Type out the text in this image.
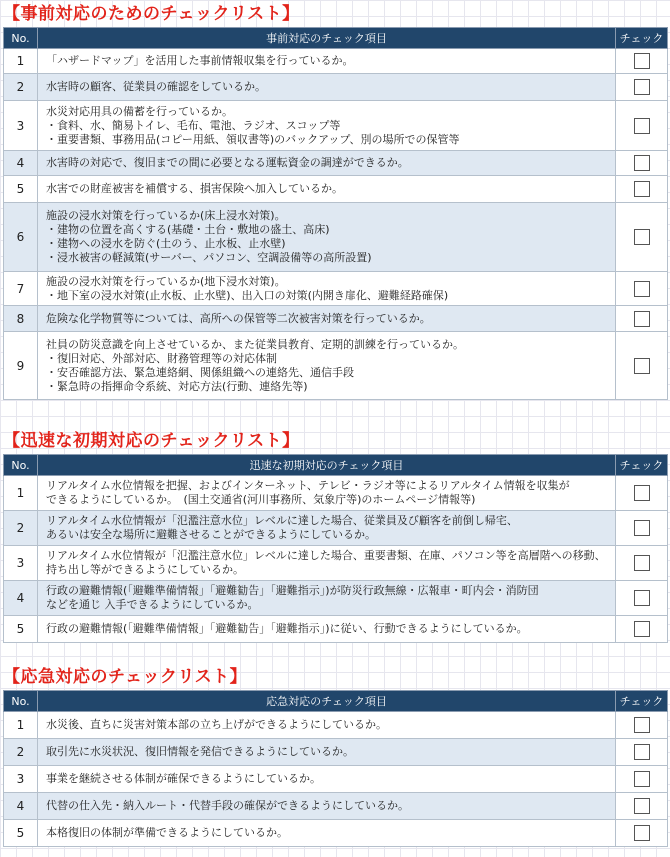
【事前対応のためのチェックリスト】
No.	事前対応のチェック項目	チェック
1	「ハザードマップ」を活用した事前情報収集を行っているか。	

2	水害時の顧客、従業員の確認をしているか。	

3	水災対応用具の備蓄を行っているか。
・食料、水、簡易トイレ、毛布、電池、ラジオ、スコップ等
・重要書類、事務用品(コピー用紙、領収書等)のバックアップ、別の場所での保管等	

4	水害時の対応で、復旧までの間に必要となる運転資金の調達ができるか。	

5	水害での財産被害を補償する、損害保険へ加入しているか。	

6	施設の浸水対策を行っているか(床上浸水対策)。
・建物の位置を高くする(基礎・土台・敷地の盛土、高床)
・建物への浸水を防ぐ(土のう、止水板、止水壁)
・浸水被害の軽減策(サーバー、パソコン、空調設備等の高所設置)	

7	施設の浸水対策を行っているか(地下浸水対策)。
・地下室の浸水対策(止水板、止水壁)、出入口の対策(内開き扉化、避難経路確保)	

8	危険な化学物質等については、高所への保管等二次被害対策を行っているか。	

9	社員の防災意識を向上させているか、また従業員教育、定期的訓練を行っているか。
・復旧対応、外部対応、財務管理等の対応体制
・安否確認方法、緊急連絡網、関係組織への連絡先、通信手段
・緊急時の指揮命令系統、対応方法(行動、連絡先等)	

【迅速な初期対応のチェックリスト】
No.	迅速な初期対応のチェック項目	チェック
1	リアルタイム水位情報を把握、およびインターネット、テレビ・ラジオ等によるリアルタイム情報を収集が
できるようにしているか。　(国土交通省(河川事務所、気象庁等)のホームページ情報等)	

2	リアルタイム水位情報が「氾濫注意水位」レベルに達した場合、従業員及び顧客を前倒し帰宅、
あるいは安全な場所に避難させることができるようにしているか。	

3	リアルタイム水位情報が「氾濫注意水位」レベルに達した場合、重要書類、在庫、パソコン等を高層階への移動、
持ち出し等ができるようにしているか。	

4	行政の避難情報(「避難準備情報」「避難勧告」「避難指示」)が防災行政無線・広報車・町内会・消防団
などを通じ 入手できるようにしているか。	

5	行政の避難情報(「避難準備情報」「避難勧告」「避難指示」)に従い、行動できるようにしているか。	

【応急対応のチェックリスト】
No.	応急対応のチェック項目	チェック
1	水災後、直ちに災害対策本部の立ち上げができるようにしているか。	

2	取引先に水災状況、復旧情報を発信できるようにしているか。	

3	事業を継続させる体制が確保できるようにしているか。	

4	代替の仕入先・納入ルート・代替手段の確保ができるようにしているか。	

5	本格復旧の体制が準備できるようにしているか。	
